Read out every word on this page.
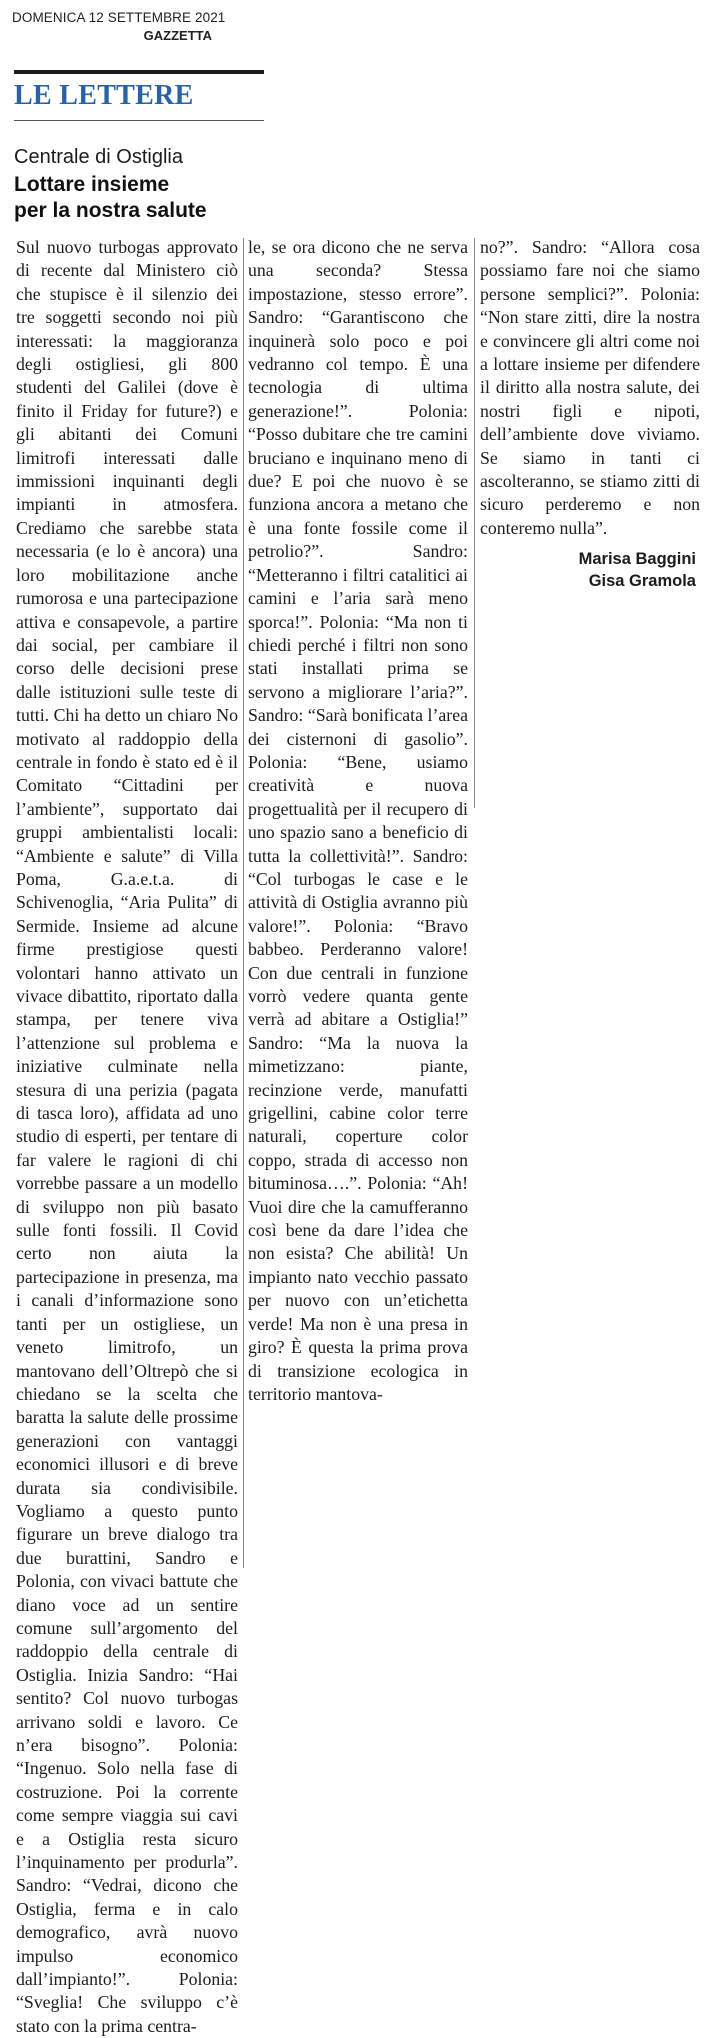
DOMENICA 12 SETTEMBRE 2021
GAZZETTA
LE LETTERE
Centrale di Ostiglia
Lottare insieme
per la nostra salute
Sul nuovo turbogas approvato di recente dal Ministero ciò che stupisce è il silenzio dei tre soggetti secondo noi più interessati: la maggioranza degli ostigliesi, gli 800 studenti del Galilei (dove è finito il Friday for future?) e gli abitanti dei Comuni limitrofi interessati dalle immissioni inquinanti degli impianti in atmosfera. Crediamo che sarebbe stata necessaria (e lo è ancora) una loro mobilitazione anche rumorosa e una partecipazione attiva e consapevole, a partire dai social, per cambiare il corso delle decisioni prese dalle istituzioni sulle teste di tutti. Chi ha detto un chiaro No motivato al raddoppio della centrale in fondo è stato ed è il Comitato “Cittadini per l’ambiente”, supportato dai gruppi ambientalisti locali: “Ambiente e salute” di Villa Poma, G.a.e.t.a. di Schivenoglia, “Aria Pulita” di Sermide. Insieme ad alcune firme prestigiose questi volontari hanno attivato un vivace dibattito, riportato dalla stampa, per tenere viva l’attenzione sul problema e iniziative culminate nella stesura di una perizia (pagata di tasca loro), affidata ad uno studio di esperti, per tentare di far valere le ragioni di chi vorrebbe passare a un modello di sviluppo non più basato sulle fonti fossili. Il Covid certo non aiuta la partecipazione in presenza, ma i canali d’informazione sono tanti per un ostigliese, un veneto limitrofo, un mantovano dell’Oltrepò che si chiedano se la scelta che baratta la salute delle prossime generazioni con vantaggi economici illusori e di breve durata sia condivisibile. Vogliamo a questo punto figurare un breve dialogo tra due burattini, Sandro e Polonia, con vivaci battute che diano voce ad un sentire comune sull’argomento del raddoppio della centrale di Ostiglia. Inizia Sandro: “Hai sentito? Col nuovo turbogas arrivano soldi e lavoro. Ce n’era bisogno”. Polonia: “Ingenuo. Solo nella fase di costruzione. Poi la corrente come sempre viaggia sui cavi e a Ostiglia resta sicuro l’inquinamento per produrla”. Sandro: “Vedrai, dicono che Ostiglia, ferma e in calo demografico, avrà nuovo impulso economico dall’impianto!”. Polonia: “Sveglia! Che sviluppo c’è stato con la prima centra-
le, se ora dicono che ne serva una seconda? Stessa impostazione, stesso errore”. Sandro: “Garantiscono che inquinerà solo poco e poi vedranno col tempo. È una tecnologia di ultima generazione!”. Polonia: “Posso dubitare che tre camini bruciano e inquinano meno di due? E poi che nuovo è se funziona ancora a metano che è una fonte fossile come il petrolio?”. Sandro: “Metteranno i filtri catalitici ai camini e l’aria sarà meno sporca!”. Polonia: “Ma non ti chiedi perché i filtri non sono stati installati prima se servono a migliorare l’aria?”. Sandro: “Sarà bonificata l’area dei cisternoni di gasolio”. Polonia: “Bene, usiamo creatività e nuova progettualità per il recupero di uno spazio sano a beneficio di tutta la collettività!”. Sandro: “Col turbogas le case e le attività di Ostiglia avranno più valore!”. Polonia: “Bravo babbeo. Perderanno valore! Con due centrali in funzione vorrò vedere quanta gente verrà ad abitare a Ostiglia!” Sandro: “Ma la nuova la mimetizzano: piante, recinzione verde, manufatti grigellini, cabine color terre naturali, coperture color coppo, strada di accesso non bituminosa….”. Polonia: “Ah! Vuoi dire che la camufferanno così bene da dare l’idea che non esista? Che abilità! Un impianto nato vecchio passato per nuovo con un’etichetta verde! Ma non è una presa in giro? È questa la prima prova di transizione ecologica in territorio mantova-
no?”. Sandro: “Allora cosa possiamo fare noi che siamo persone semplici?”. Polonia: “Non stare zitti, dire la nostra e convincere gli altri come noi a lottare insieme per difendere il diritto alla nostra salute, dei nostri figli e nipoti, dell’ambiente dove viviamo. Se siamo in tanti ci ascolteranno, se stiamo zitti di sicuro perderemo e non conteremo nulla”.
Marisa Baggini
Gisa Gramola
